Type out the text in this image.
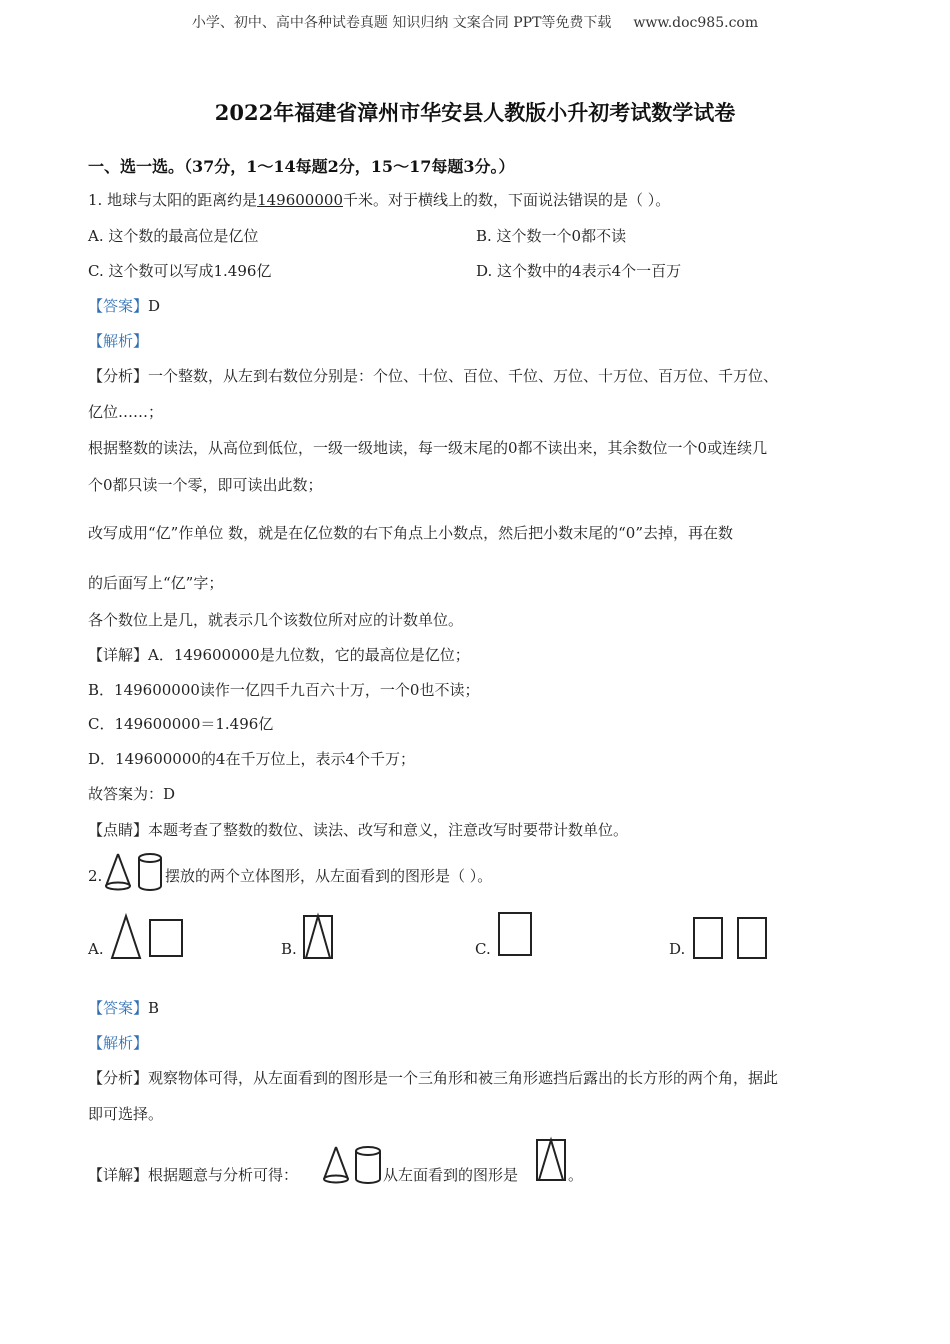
小学、初中、高中各种试卷真题 知识归纳 文案合同 PPT等免费下载 www.doc985.com
2022年福建省漳州市华安县人教版小升初考试数学试卷
一、选一选。（37分，1～14每题2分，15～17每题3分。）
1. 地球与太阳的距离约是149600000千米。对于横线上的数，下面说法错误的是（ ）。
A. 这个数的最高位是亿位	B. 这个数一个0都不读
C. 这个数可以写成1.496亿	D. 这个数中的4表示4个一百万
【答案】D
【解析】
【分析】一个整数，从左到右数位分别是：个位、十位、百位、千位、万位、十万位、百万位、千万位、
亿位……；
根据整数的读法，从高位到低位，一级一级地读，每一级末尾的0都不读出来，其余数位一个0或连续几
个0都只读一个零，即可读出此数；
改写成用“亿”作单位 数，就是在亿位数的右下角点上小数点，然后把小数末尾的“0”去掉，再在数
的后面写上“亿”字；
各个数位上是几，就表示几个该数位所对应的计数单位。
【详解】A．149600000是九位数，它的最高位是亿位；
B．149600000读作一亿四千九百六十万，一个0也不读；
C．149600000＝1.496亿
D．149600000的4在千万位上，表示4个千万；
故答案为：D
【点睛】本题考查了整数的数位、读法、改写和意义，注意改写时要带计数单位。
2.	摆放的两个立体图形，从左面看到的图形是（ ）。
A.	B.	C.	D.
【答案】B
【解析】
【分析】观察物体可得，从左面看到的图形是一个三角形和被三角形遮挡后露出的长方形的两个角，据此
即可选择。
【详解】根据题意与分析可得：	从左面看到的图形是	。
